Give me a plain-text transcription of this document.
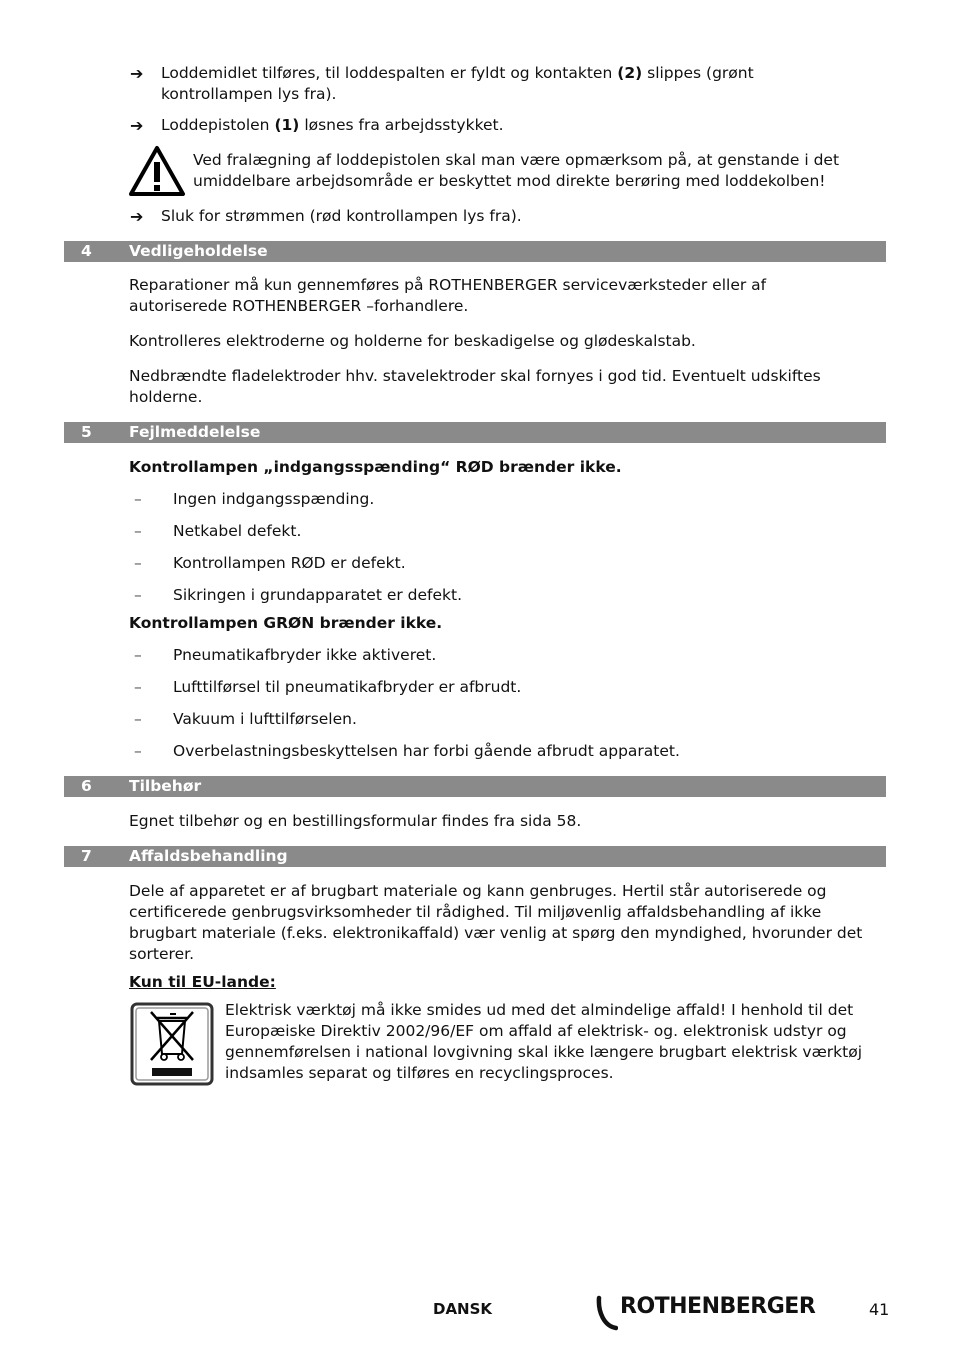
➔	Loddemidlet tilføres, til loddespalten er fyldt og kontakten (2) slippes (grønt kontrollampen lys fra).
➔	Loddepistolen (1) løsnes fra arbejdsstykket.
Ved fralægning af loddepistolen skal man være opmærksom på, at genstande i det umiddelbare arbejdsområde er beskyttet mod direkte berøring med loddekolben!
➔	Sluk for strømmen (rød kontrollampen lys fra).
4 Vedligeholdelse
Reparationer må kun gennemføres på ROTHENBERGER serviceværksteder eller af autoriserede ROTHENBERGER –forhandlere.
Kontrolleres elektroderne og holderne for beskadigelse og glødeskalstab.
Nedbrændte fladelektroder hhv. stavelektroder skal fornyes i god tid. Eventuelt udskiftes holderne.
5 Fejlmeddelelse
Kontrollampen „indgangsspænding“ RØD brænder ikke.
– Ingen indgangsspænding.
– Netkabel defekt.
– Kontrollampen RØD er defekt.
– Sikringen i grundapparatet er defekt.
Kontrollampen GRØN brænder ikke.
– Pneumatikafbryder ikke aktiveret.
– Lufttilførsel til pneumatikafbryder er afbrudt.
– Vakuum i lufttilførselen.
– Overbelastningsbeskyttelsen har forbi gående afbrudt apparatet.
6 Tilbehør
Egnet tilbehør og en bestillingsformular findes fra sida 58.
7 Affaldsbehandling
Dele af apparetet er af brugbart materiale og kann genbruges. Hertil står autoriserede og certificerede genbrugsvirksomheder til rådighed. Til miljøvenlig affaldsbehandling af ikke brugbart materiale (f.eks. elektronikaffald) vær venlig at spørg den myndighed, hvorunder det sorterer.
Kun til EU-lande:
Elektrisk værktøj må ikke smides ud med det almindelige affald! I henhold til det Europæiske Direktiv 2002/96/EF om affald af elektrisk- og. elektronisk udstyr og gennemførelsen i national lovgivning skal ikke længere brugbart elektrisk værktøj indsamles separat og tilføres en recyclingsproces.
DANSK	ROTHENBERGER	41
